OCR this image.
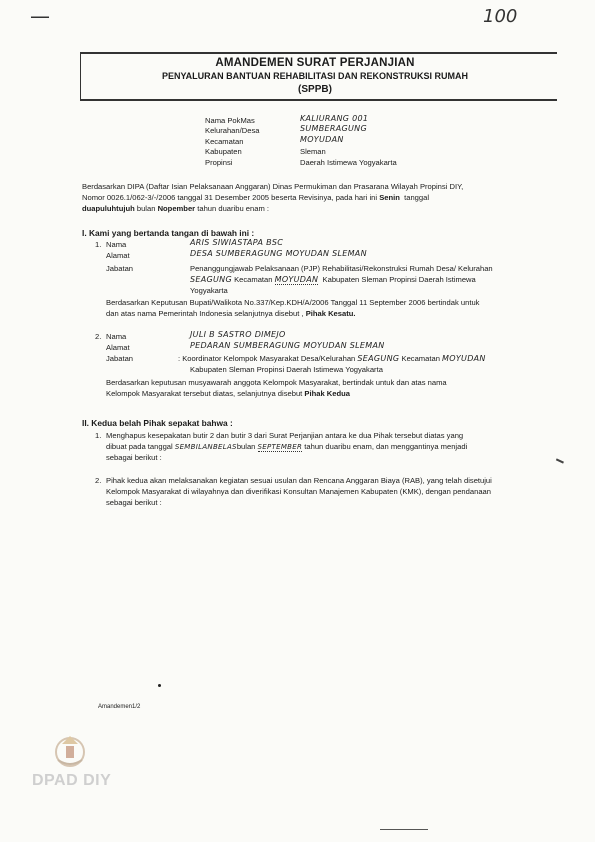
—	100
AMANDEMEN SURAT PERJANJIAN
PENYALURAN BANTUAN REHABILITASI DAN REKONSTRUKSI RUMAH
(SPPB)
Nama PokMas	KALIURANG 001
Kelurahan/Desa	SUMBERAGUNG
Kecamatan	MOYUDAN
Kabupaten	Sleman
Propinsi	Daerah Istimewa Yogyakarta
Berdasarkan DIPA (Daftar Isian Pelaksanaan Anggaran) Dinas Permukiman dan Prasarana Wilayah Propinsi DIY,
Nomor 0026.1/062-3/-/2006 tanggal 31 Desember 2005 beserta Revisinya, pada hari ini Senin tanggal
duapuluhtujuh bulan Nopember tahun duaribu enam :
I. Kami yang bertanda tangan di bawah ini :
1. Nama	ARIS SIWIASTAPA BSC
Alamat	DESA SUMBERAGUNG MOYUDAN SLEMAN
Jabatan	Penanggungjawab Pelaksanaan (PJP) Rehabilitasi/Rekonstruksi Rumah Desa/ Kelurahan
SEAGUNG Kecamatan MOYUDAN Kabupaten Sleman Propinsi Daerah Istimewa
Yogyakarta
Berdasarkan Keputusan Bupati/Walikota No.337/Kep.KDH/A/2006 Tanggal 11 September 2006 bertindak untuk
dan atas nama Pemerintah Indonesia selanjutnya disebut , Pihak Kesatu.
2. Nama	JULI B SASTRO DIMEJO
Alamat	PEDARAN SUMBERAGUNG MOYUDAN SLEMAN
Jabatan	: Koordinator Kelompok Masyarakat Desa/Kelurahan SEAGUNG Kecamatan MOYUDAN
Kabupaten Sleman Propinsi Daerah Istimewa Yogyakarta
Berdasarkan keputusan musyawarah anggota Kelompok Masyarakat, bertindak untuk dan atas nama
Kelompok Masyarakat tersebut diatas, selanjutnya disebut Pihak Kedua
II. Kedua belah Pihak sepakat bahwa :
1. Menghapus kesepakatan butir 2 dan butir 3 dari Surat Perjanjian antara ke dua Pihak tersebut diatas yang
dibuat pada tanggal SEMBILANBELASbulan SEPTEMBER tahun duaribu enam, dan menggantinya menjadi
sebagai berikut :
2. Pihak kedua akan melaksanakan kegiatan sesuai usulan dan Rencana Anggaran Biaya (RAB), yang telah disetujui
Kelompok Masyarakat di wilayahnya dan diverifikasi Konsultan Manajemen Kabupaten (KMK), dengan pendanaan
sebagai berikut :
Amandemen1/2
DPAD DIY
